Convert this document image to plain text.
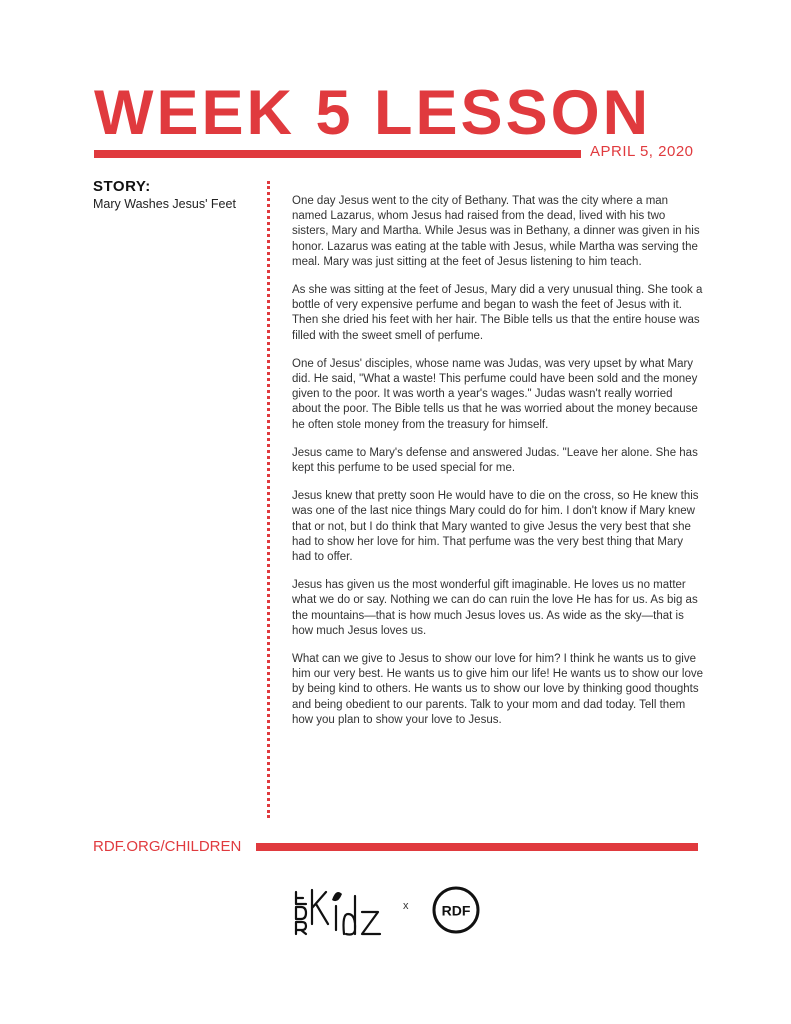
WEEK 5 LESSON
APRIL 5, 2020
STORY:
Mary Washes Jesus' Feet	One day Jesus went to the city of Bethany. That was the city where a man named Lazarus, whom Jesus had raised from the dead, lived with his two sisters, Mary and Martha. While Jesus was in Bethany, a dinner was given in his honor. Lazarus was eating at the table with Jesus, while Martha was serving the meal. Mary was just sitting at the feet of Jesus listening to him teach.

As she was sitting at the feet of Jesus, Mary did a very unusual thing. She took a bottle of very expensive perfume and began to wash the feet of Jesus with it. Then she dried his feet with her hair. The Bible tells us that the entire house was filled with the sweet smell of perfume.

One of Jesus' disciples, whose name was Judas, was very upset by what Mary did. He said, "What a waste! This perfume could have been sold and the money given to the poor. It was worth a year's wages." Judas wasn't really worried about the poor. The Bible tells us that he was worried about the money because he often stole money from the treasury for himself.

Jesus came to Mary's defense and answered Judas. "Leave her alone. She has kept this perfume to be used special for me.

Jesus knew that pretty soon He would have to die on the cross, so He knew this was one of the last nice things Mary could do for him. I don't know if Mary knew that or not, but I do think that Mary wanted to give Jesus the very best that she had to show her love for him. That perfume was the very best thing that Mary had to offer.

Jesus has given us the most wonderful gift imaginable. He loves us no matter what we do or say. Nothing we can do can ruin the love He has for us. As big as the mountains—that is how much Jesus loves us. As wide as the sky—that is how much Jesus loves us.

What can we give to Jesus to show our love for him? I think he wants us to give him our very best. He wants us to give him our life! He wants us to show our love by being kind to others. He wants us to show our love by thinking good thoughts and being obedient to our parents. Talk to your mom and dad today. Tell them how you plan to show your love to Jesus.

RDF.ORG/CHILDREN
x RDF
